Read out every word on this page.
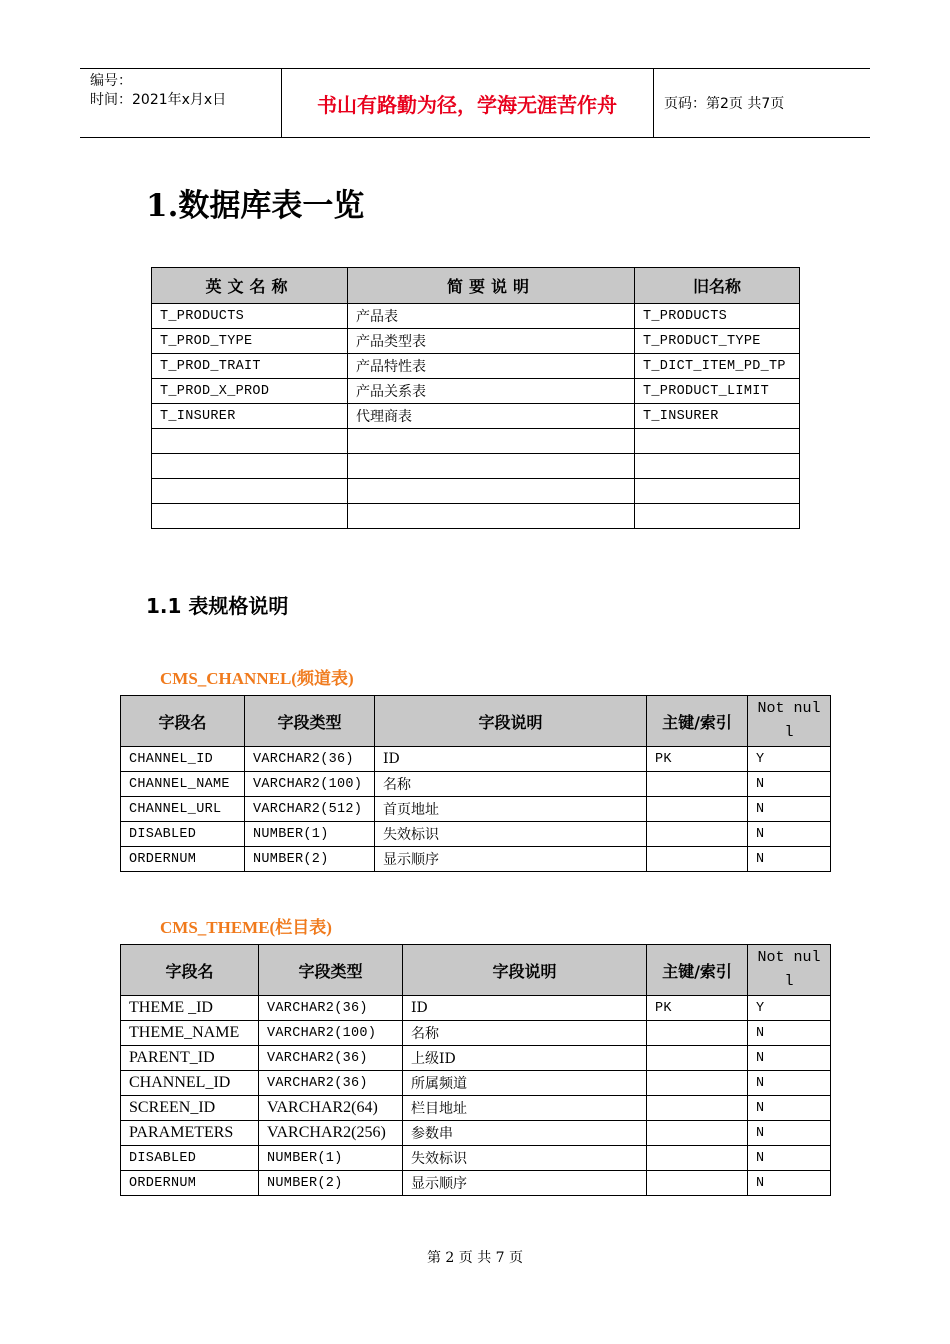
编号：
时间：2021年x月x日	书山有路勤为径，学海无涯苦作舟	页码：第2页 共7页
1.数据库表一览
英文名称	简要说明	旧名称
T_PRODUCTS	产品表	T_PRODUCTS
T_PROD_TYPE	产品类型表	T_PRODUCT_TYPE
T_PROD_TRAIT	产品特性表	T_DICT_ITEM_PD_TP
T_PROD_X_PROD	产品关系表	T_PRODUCT_LIMIT
T_INSURER	代理商表	T_INSURER

1.1 表规格说明
CMS_CHANNEL(频道表)
字段名	字段类型	字段说明	主键/索引	Not null

CHANNEL_ID	VARCHAR2(36)	ID	PK	Y
CHANNEL_NAME	VARCHAR2(100)	名称		N
CHANNEL_URL	VARCHAR2(512)	首页地址		N
DISABLED	NUMBER(1)	失效标识		N
ORDERNUM	NUMBER(2)	显示顺序		N
CMS_THEME(栏目表)
字段名	字段类型	字段说明	主键/索引	Not null

THEME _ID	VARCHAR2(36)	ID	PK	Y
THEME_NAME	VARCHAR2(100)	名称		N
PARENT_ID	VARCHAR2(36)	上级ID		N
CHANNEL_ID	VARCHAR2(36)	所属频道		N
SCREEN_ID	VARCHAR2(64)	栏目地址		N
PARAMETERS	VARCHAR2(256)	参数串		N
DISABLED	NUMBER(1)	失效标识		N
ORDERNUM	NUMBER(2)	显示顺序		N
第 2 页 共 7 页
